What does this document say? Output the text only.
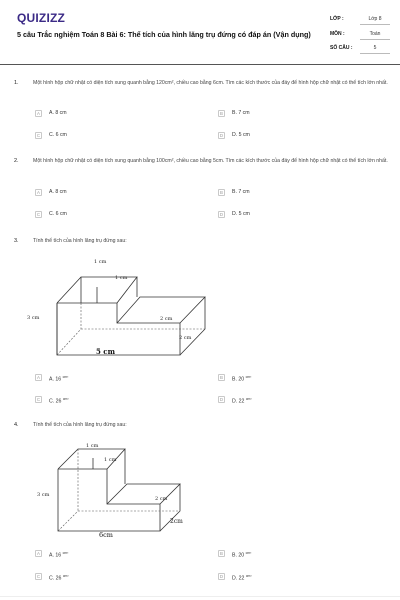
QUIZIZZ
5 câu Trắc nghiệm Toán 8 Bài 6: Thể tích của hình lăng trụ đứng có đáp án (Vận dụng)
LỚP :	Lớp 8
MÔN :	Toán
SỐ CÂU :	5
1.	Một hình hộp chữ nhật có diện tích xung quanh bằng 120cm², chiều cao bằng 6cm. Tìm các kích thước của đáy để hình hộp chữ nhật có thể tích lớn nhất.
A	A. 8 cm	B	B. 7 cm
C	C. 6 cm	D	D. 5 cm
2.	Một hình hộp chữ nhật có diện tích xung quanh bằng 100cm², chiều cao bằng 5cm. Tìm các kích thước của đáy để hình hộp chữ nhật có thể tích lớn nhất.
A	A. 8 cm	B	B. 7 cm
C	C. 6 cm	D	D. 5 cm
3.	Tính thể tích của hình lăng trụ đứng sau:
1 cm
1 cm
3 cm	2 cm
2 cm
5 cm
A	A. 16 $^{cm^3}$	B	B. 20 $^{cm^3}$
C	C. 26 $^{cm^3}$	D	D. 22 $^{cm^3}$
4.	Tính thể tích của hình lăng trụ đứng sau:
1 cm
1 cm
3 cm
2 cm
2cm
6cm
A	A. 16 $^{cm^3}$	B	B. 20 $^{cm^3}$
C	C. 26 $^{cm^3}$	D	D. 22 $^{cm^3}$
